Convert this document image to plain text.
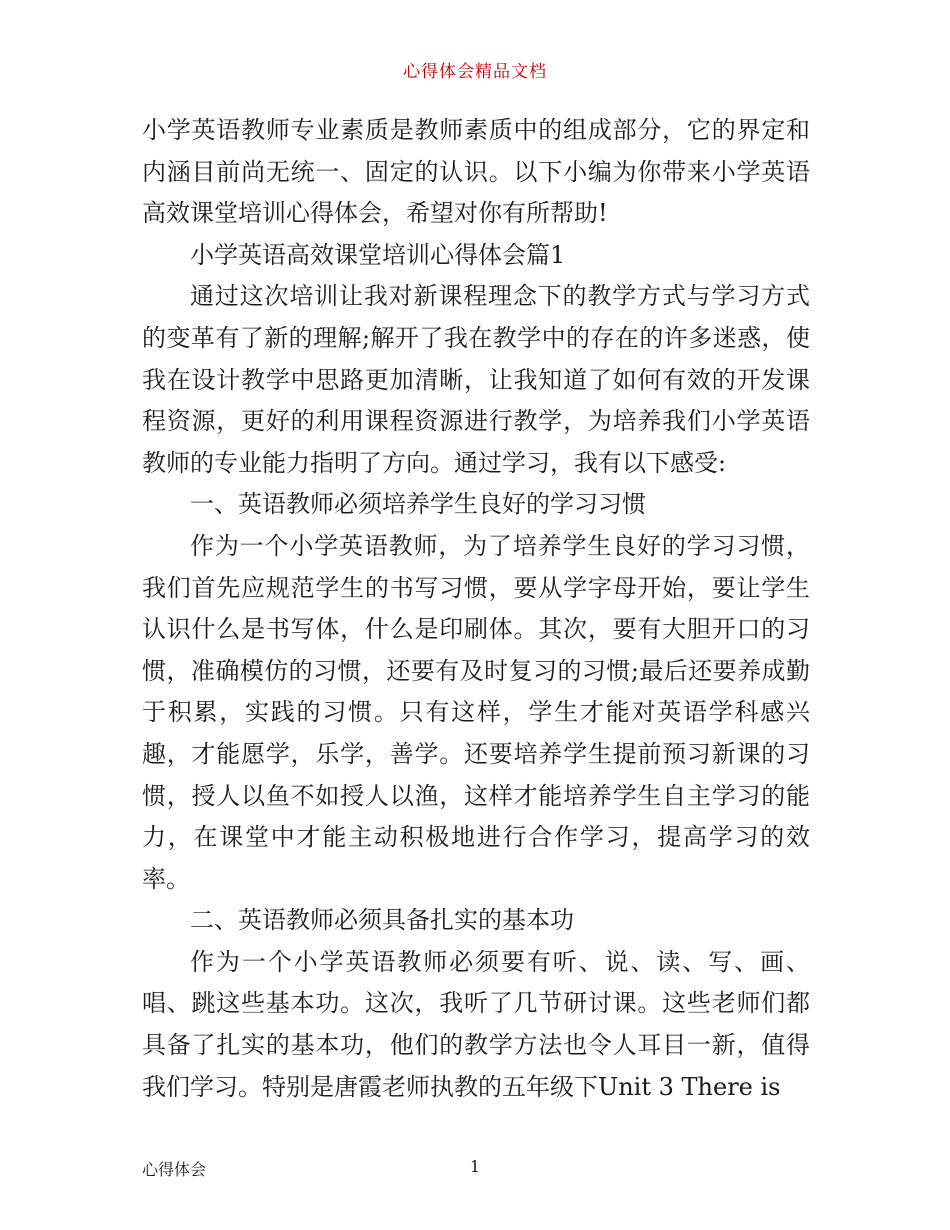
心得体会精品文档

小学英语教师专业素质是教师素质中的组成部分，它的界定和内涵目前尚无统一、固定的认识。以下小编为你带来小学英语高效课堂培训心得体会，希望对你有所帮助!

小学英语高效课堂培训心得体会篇1

通过这次培训让我对新课程理念下的教学方式与学习方式的变革有了新的理解;解开了我在教学中的存在的许多迷惑，使我在设计教学中思路更加清晰，让我知道了如何有效的开发课程资源，更好的利用课程资源进行教学，为培养我们小学英语教师的专业能力指明了方向。通过学习，我有以下感受:

一、英语教师必须培养学生良好的学习习惯

作为一个小学英语教师，为了培养学生良好的学习习惯，我们首先应规范学生的书写习惯，要从学字母开始，要让学生认识什么是书写体，什么是印刷体。其次，要有大胆开口的习惯，准确模仿的习惯，还要有及时复习的习惯;最后还要养成勤于积累，实践的习惯。只有这样，学生才能对英语学科感兴趣，才能愿学，乐学，善学。还要培养学生提前预习新课的习惯，授人以鱼不如授人以渔，这样才能培养学生自主学习的能力，在课堂中才能主动积极地进行合作学习，提高学习的效率。

二、英语教师必须具备扎实的基本功

作为一个小学英语教师必须要有听、说、读、写、画、唱、跳这些基本功。这次，我听了几节研讨课。这些老师们都具备了扎实的基本功，他们的教学方法也令人耳目一新，值得我们学习。特别是唐霞老师执教的五年级下Unit 3 There is

心得体会	1
